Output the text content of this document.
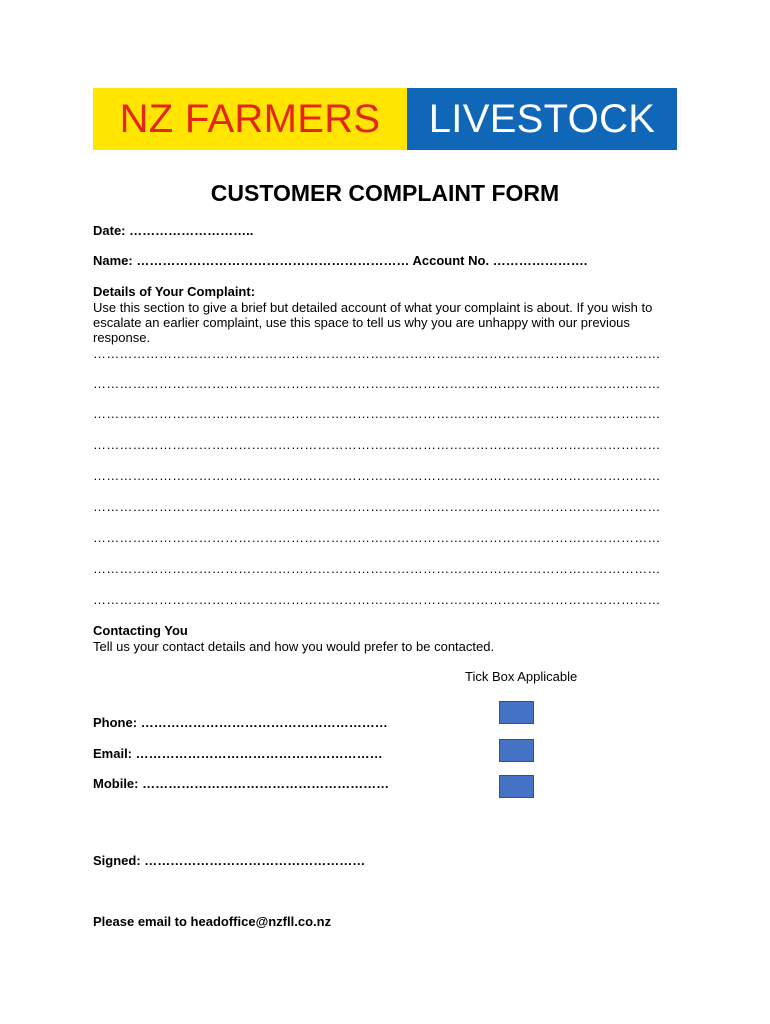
NZ FARMERS	LIVESTOCK
CUSTOMER COMPLAINT FORM
Date: ………………………..
Name: ……………………………………………………… Account No. ………………….
Details of Your Complaint:
Use this section to give a brief but detailed account of what your complaint is about. If you wish to escalate an earlier complaint, use this space to tell us why you are unhappy with our previous response.
…………………………………………………………………………………………………………………
…………………………………………………………………………………………………………………
…………………………………………………………………………………………………………………
…………………………………………………………………………………………………………………
…………………………………………………………………………………………………………………
…………………………………………………………………………………………………………………
…………………………………………………………………………………………………………………
…………………………………………………………………………………………………………………
…………………………………………………………………………………………………………………
Contacting You
Tell us your contact details and how you would prefer to be contacted.
Tick Box Applicable
Phone: …………………………………………………
Email: …………………………………………………
Mobile: …………………………………………………
Signed: ……………………………………………
Please email to headoffice@nzfll.co.nz
